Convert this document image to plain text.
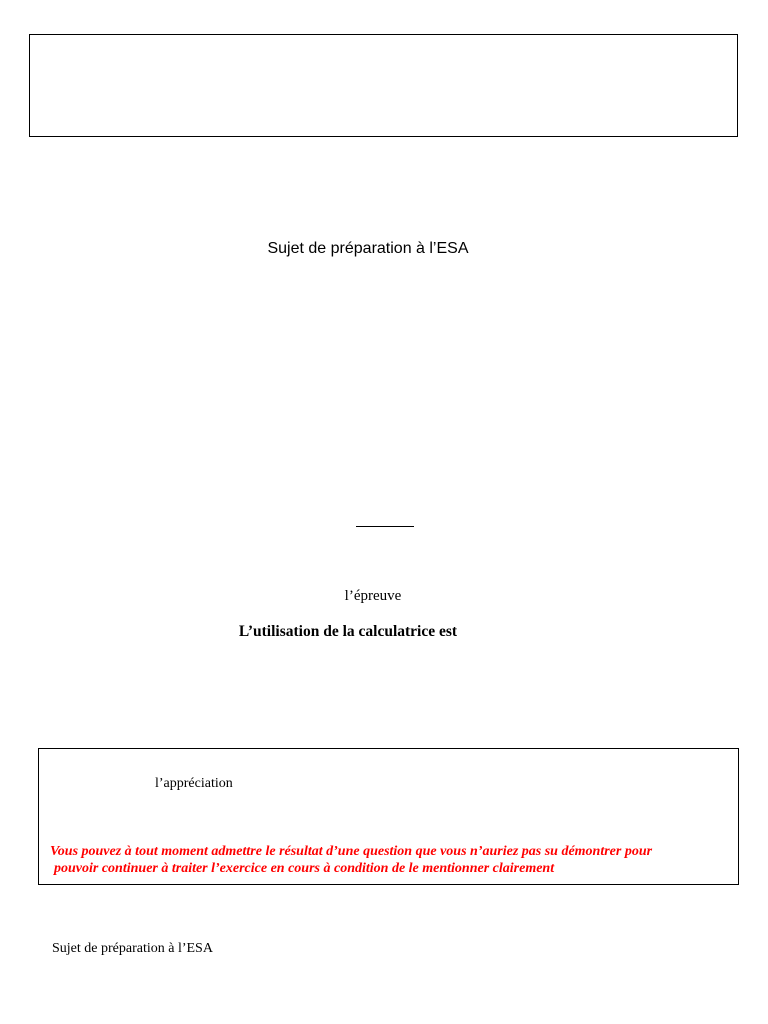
Sujet de préparation à l’ESA
l’épreuve
L’utilisation de la calculatrice est
l’appréciation
Vous pouvez à tout moment admettre le résultat d’une question que vous n’auriez pas su démontrer pour
pouvoir continuer à traiter l’exercice en cours à condition de le mentionner clairement
Sujet de préparation à l’ESA
